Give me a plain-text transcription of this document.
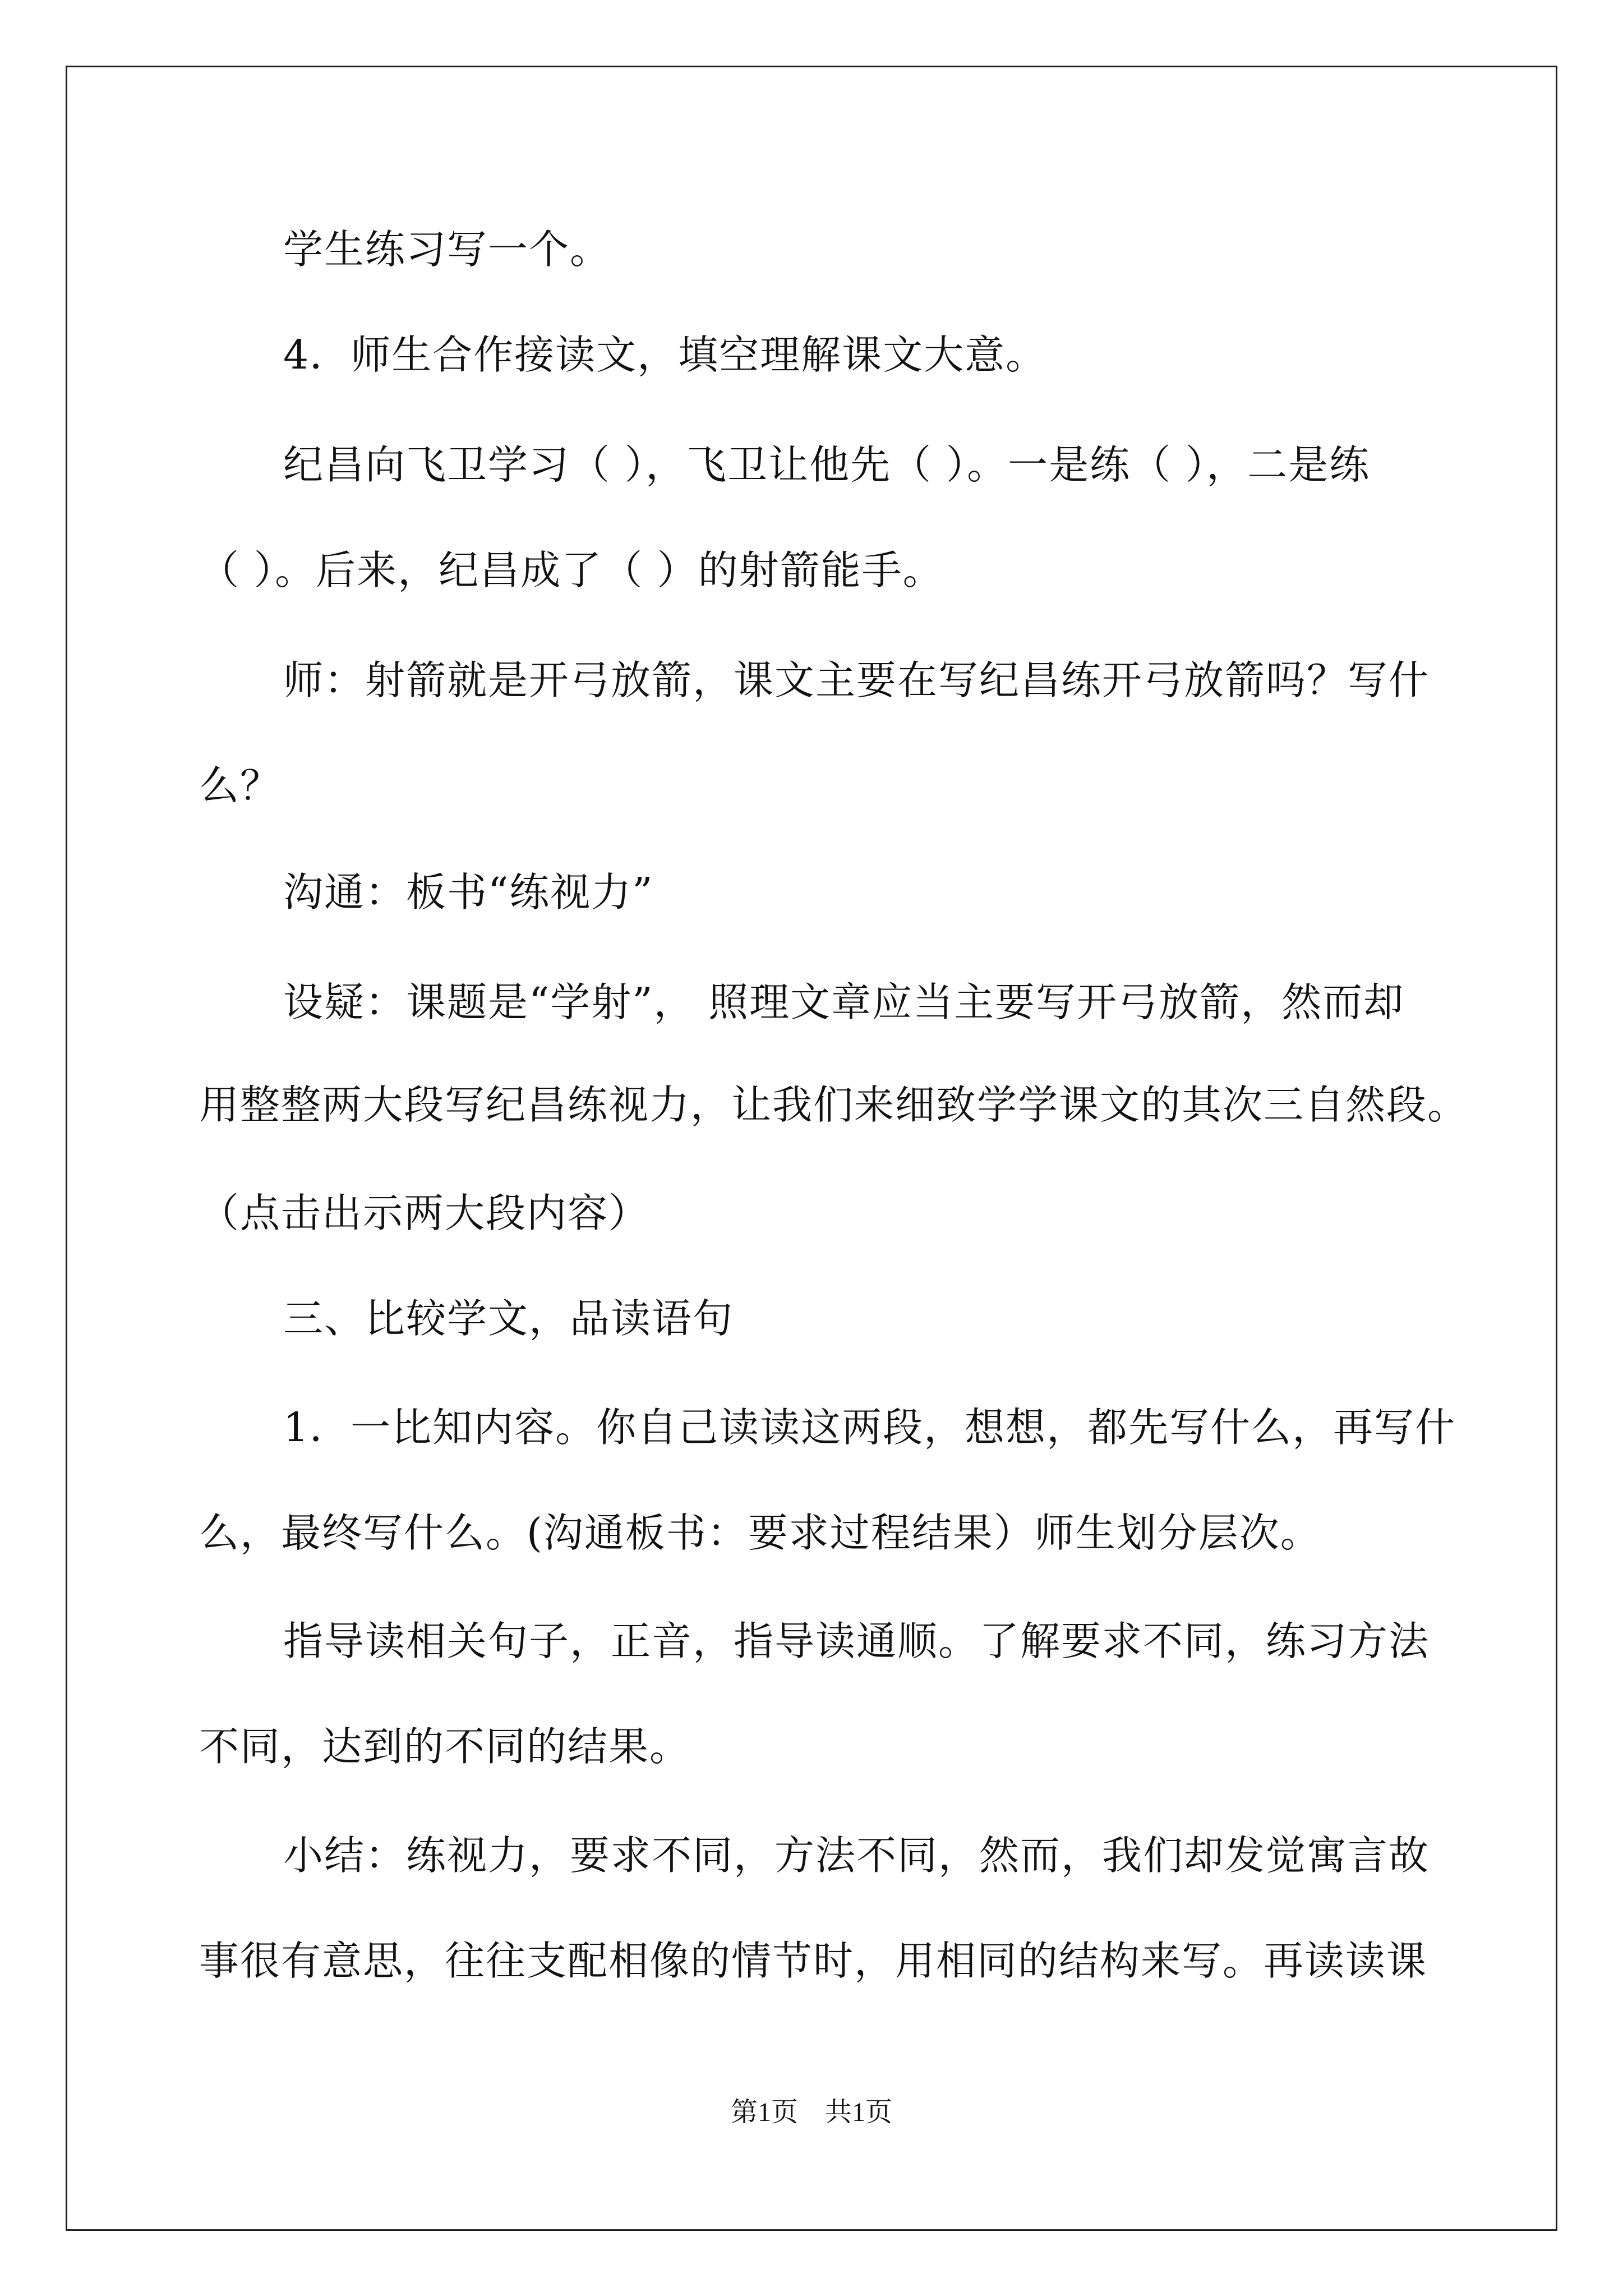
学生练习写一个。
4．师生合作接读文，填空理解课文大意。
纪昌向飞卫学习（ ），飞卫让他先（ ）。一是练（ ），二是练
（ ）。后来，纪昌成了（ ）的射箭能手。
师：射箭就是开弓放箭，课文主要在写纪昌练开弓放箭吗？写什
么？
沟通：板书“练视力”
设疑：课题是“学射”， 照理文章应当主要写开弓放箭，然而却
用整整两大段写纪昌练视力，让我们来细致学学课文的其次三自然段。
（点击出示两大段内容）
三、比较学文，品读语句
1．一比知内容。你自己读读这两段，想想，都先写什么，再写什
么，最终写什么。(沟通板书：要求过程结果）师生划分层次。
指导读相关句子，正音，指导读通顺。了解要求不同，练习方法
不同，达到的不同的结果。
小结：练视力，要求不同，方法不同，然而，我们却发觉寓言故
事很有意思，往往支配相像的情节时，用相同的结构来写。再读读课
第1页　共1页
